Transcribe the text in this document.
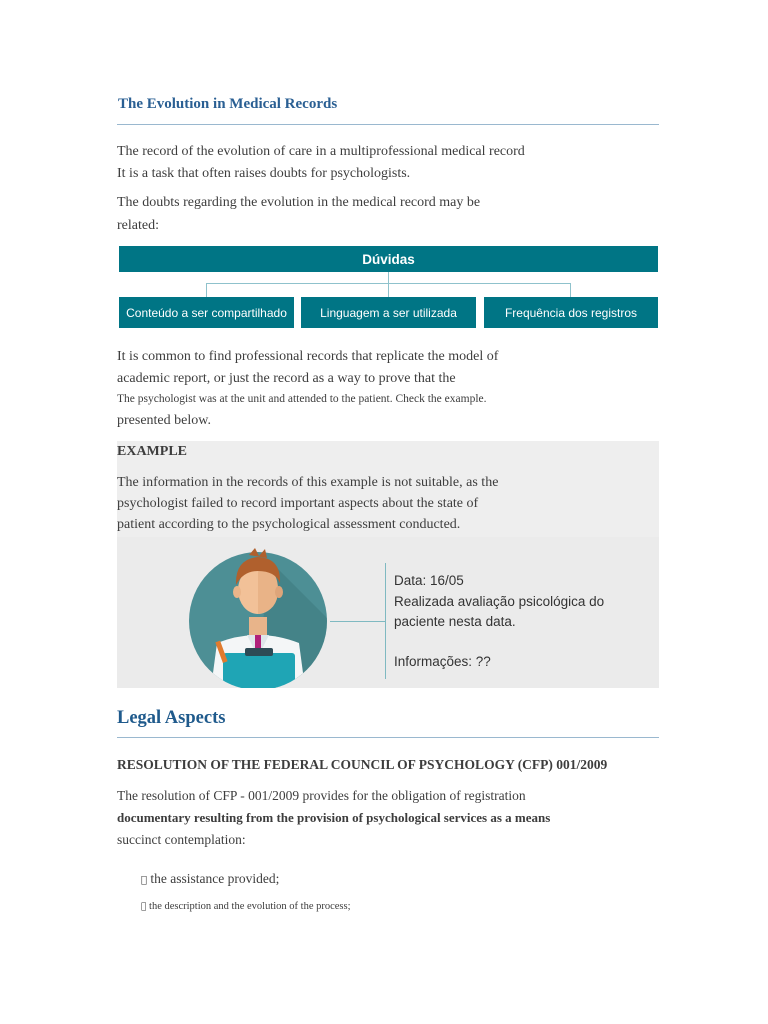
The Evolution in Medical Records
The record of the evolution of care in a multiprofessional medical record
It is a task that often raises doubts for psychologists.
The doubts regarding the evolution in the medical record may be
related:
Dúvidas
Conteúdo a ser compartilhado	Linguagem a ser utilizada	Frequência dos registros
It is common to find professional records that replicate the model of
academic report, or just the record as a way to prove that the
The psychologist was at the unit and attended to the patient. Check the example.
presented below.
EXAMPLE
The information in the records of this example is not suitable, as the
psychologist failed to record important aspects about the state of
patient according to the psychological assessment conducted.
Data: 16/05
Realizada avaliação psicológica do
paciente nesta data.
Informações: ??
Legal Aspects
RESOLUTION OF THE FEDERAL COUNCIL OF PSYCHOLOGY (CFP) 001/2009
The resolution of CFP - 001/2009 provides for the obligation of registration
documentary resulting from the provision of psychological services as a means
succinct contemplation:
the assistance provided;
the description and the evolution of the process;
